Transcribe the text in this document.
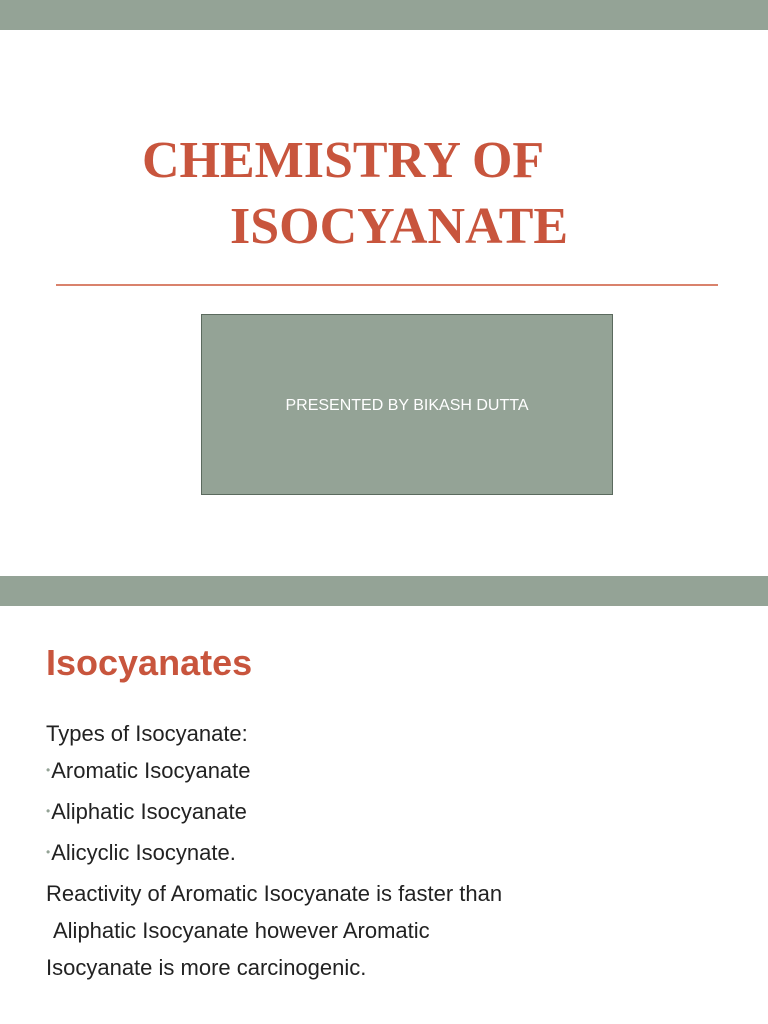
CHEMISTRY OF
ISOCYANATE
PRESENTED BY BIKASH DUTTA
Isocyanates
Types of Isocyanate:
•Aromatic Isocyanate
•Aliphatic Isocyanate
•Alicyclic Isocynate.
Reactivity of Aromatic Isocyanate is faster than
Aliphatic Isocyanate however Aromatic
Isocyanate is more carcinogenic.
